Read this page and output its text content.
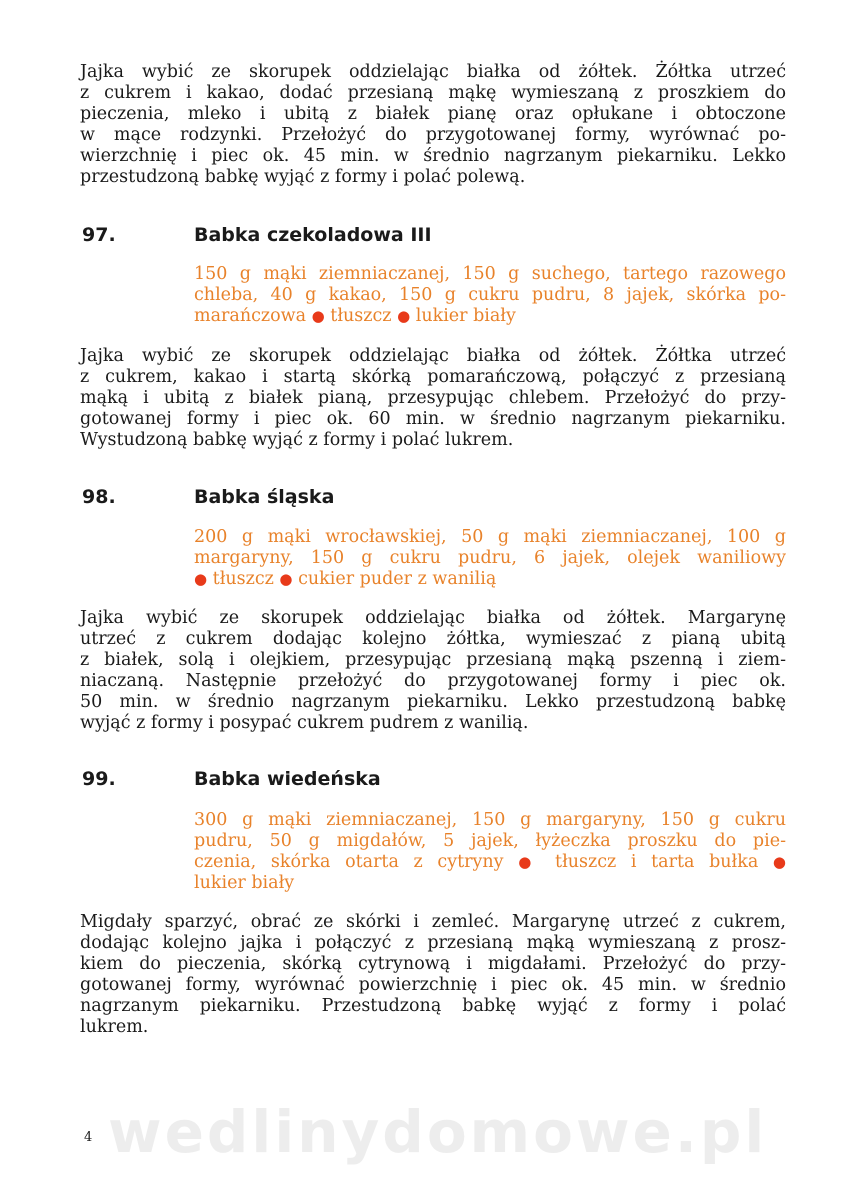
Jajka wybić ze skorupek oddzielając białka od żółtek. Żółtka utrzeć
z cukrem i kakao, dodać przesianą mąkę wymieszaną z proszkiem do
pieczenia, mleko i ubitą z białek pianę oraz opłukane i obtoczone
w mące rodzynki. Przełożyć do przygotowanej formy, wyrównać po-
wierzchnię i piec ok. 45 min. w średnio nagrzanym piekarniku. Lekko
przestudzoną babkę wyjąć z formy i polać polewą.

97.	Babka czekoladowa III

150 g mąki ziemniaczanej, 150 g suchego, tartego razowego
chleba, 40 g kakao, 150 g cukru pudru, 8 jajek, skórka po-
marańczowa ● tłuszcz ● lukier biały

Jajka wybić ze skorupek oddzielając białka od żółtek. Żółtka utrzeć
z cukrem, kakao i startą skórką pomarańczową, połączyć z przesianą
mąką i ubitą z białek pianą, przesypując chlebem. Przełożyć do przy-
gotowanej formy i piec ok. 60 min. w średnio nagrzanym piekarniku.
Wystudzoną babkę wyjąć z formy i polać lukrem.

98.	Babka śląska

200 g mąki wrocławskiej, 50 g mąki ziemniaczanej, 100 g
margaryny, 150 g cukru pudru, 6 jajek, olejek waniliowy
● tłuszcz ● cukier puder z wanilią

Jajka wybić ze skorupek oddzielając białka od żółtek. Margarynę
utrzeć z cukrem dodając kolejno żółtka, wymieszać z pianą ubitą
z białek, solą i olejkiem, przesypując przesianą mąką pszenną i ziem-
niaczaną. Następnie przełożyć do przygotowanej formy i piec ok.
50 min. w średnio nagrzanym piekarniku. Lekko przestudzoną babkę
wyjąć z formy i posypać cukrem pudrem z wanilią.

99.	Babka wiedeńska

300 g mąki ziemniaczanej, 150 g margaryny, 150 g cukru
pudru, 50 g migdałów, 5 jajek, łyżeczka proszku do pie-
czenia, skórka otarta z cytryny ● tłuszcz i tarta bułka ●
lukier biały

Migdały sparzyć, obrać ze skórki i zemleć. Margarynę utrzeć z cukrem,
dodając kolejno jajka i połączyć z przesianą mąką wymieszaną z prosz-
kiem do pieczenia, skórką cytrynową i migdałami. Przełożyć do przy-
gotowanej formy, wyrównać powierzchnię i piec ok. 45 min. w średnio
nagrzanym piekarniku. Przestudzoną babkę wyjąć z formy i polać
lukrem.

wedlinydomowe.pl
4
